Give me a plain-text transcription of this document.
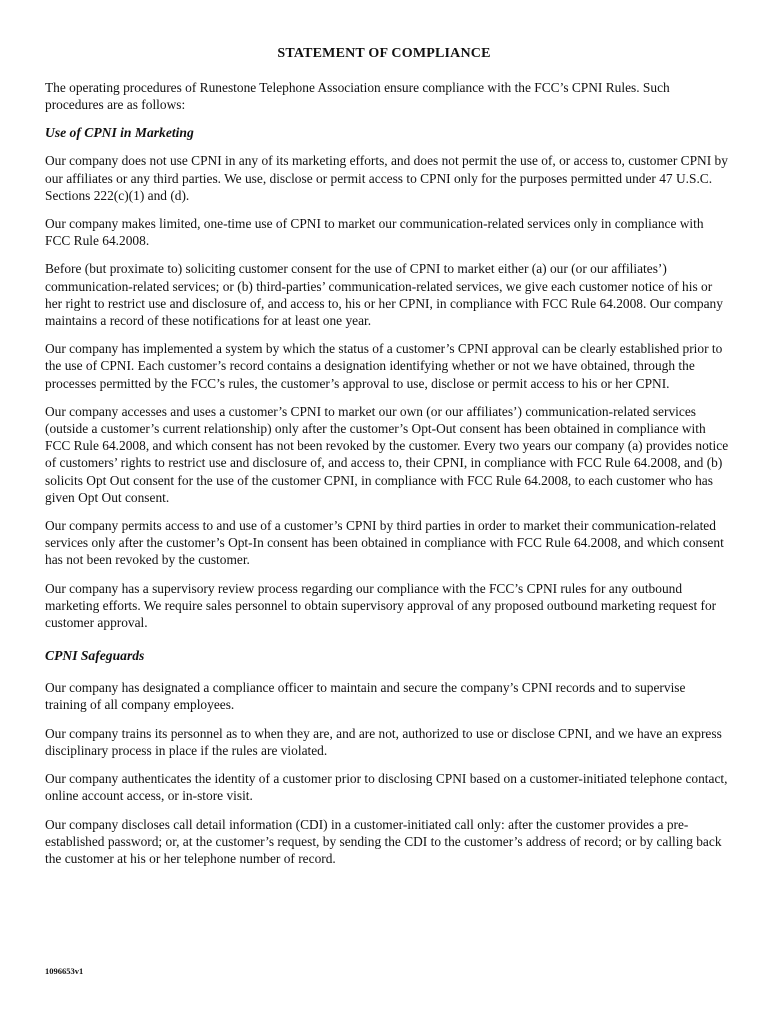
STATEMENT OF COMPLIANCE

The operating procedures of Runestone Telephone Association ensure compliance with the FCC’s CPNI Rules. Such procedures are as follows:

Use of CPNI in Marketing

Our company does not use CPNI in any of its marketing efforts, and does not permit the use of, or access to, customer CPNI by our affiliates or any third parties. We use, disclose or permit access to CPNI only for the purposes permitted under 47 U.S.C. Sections 222(c)(1) and (d).

Our company makes limited, one-time use of CPNI to market our communication-related services only in compliance with FCC Rule 64.2008.

Before (but proximate to) soliciting customer consent for the use of CPNI to market either (a) our (or our affiliates’) communication-related services; or (b) third-parties’ communication-related services, we give each customer notice of his or her right to restrict use and disclosure of, and access to, his or her CPNI, in compliance with FCC Rule 64.2008. Our company maintains a record of these notifications for at least one year.

Our company has implemented a system by which the status of a customer’s CPNI approval can be clearly established prior to the use of CPNI. Each customer’s record contains a designation identifying whether or not we have obtained, through the processes permitted by the FCC’s rules, the customer’s approval to use, disclose or permit access to his or her CPNI.

Our company accesses and uses a customer’s CPNI to market our own (or our affiliates’) communication-related services (outside a customer’s current relationship) only after the customer’s Opt-Out consent has been obtained in compliance with FCC Rule 64.2008, and which consent has not been revoked by the customer. Every two years our company (a) provides notice of customers’ rights to restrict use and disclosure of, and access to, their CPNI, in compliance with FCC Rule 64.2008, and (b) solicits Opt Out consent for the use of the customer CPNI, in compliance with FCC Rule 64.2008, to each customer who has given Opt Out consent.

Our company permits access to and use of a customer’s CPNI by third parties in order to market their communication-related services only after the customer’s Opt-In consent has been obtained in compliance with FCC Rule 64.2008, and which consent has not been revoked by the customer.

Our company has a supervisory review process regarding our compliance with the FCC’s CPNI rules for any outbound marketing efforts. We require sales personnel to obtain supervisory approval of any proposed outbound marketing request for customer approval.

CPNI Safeguards

Our company has designated a compliance officer to maintain and secure the company’s CPNI records and to supervise training of all company employees.

Our company trains its personnel as to when they are, and are not, authorized to use or disclose CPNI, and we have an express disciplinary process in place if the rules are violated.

Our company authenticates the identity of a customer prior to disclosing CPNI based on a customer-initiated telephone contact, online account access, or in-store visit.

Our company discloses call detail information (CDI) in a customer-initiated call only: after the customer provides a pre-established password; or, at the customer’s request, by sending the CDI to the customer’s address of record; or by calling back the customer at his or her telephone number of record.

1096653v1
